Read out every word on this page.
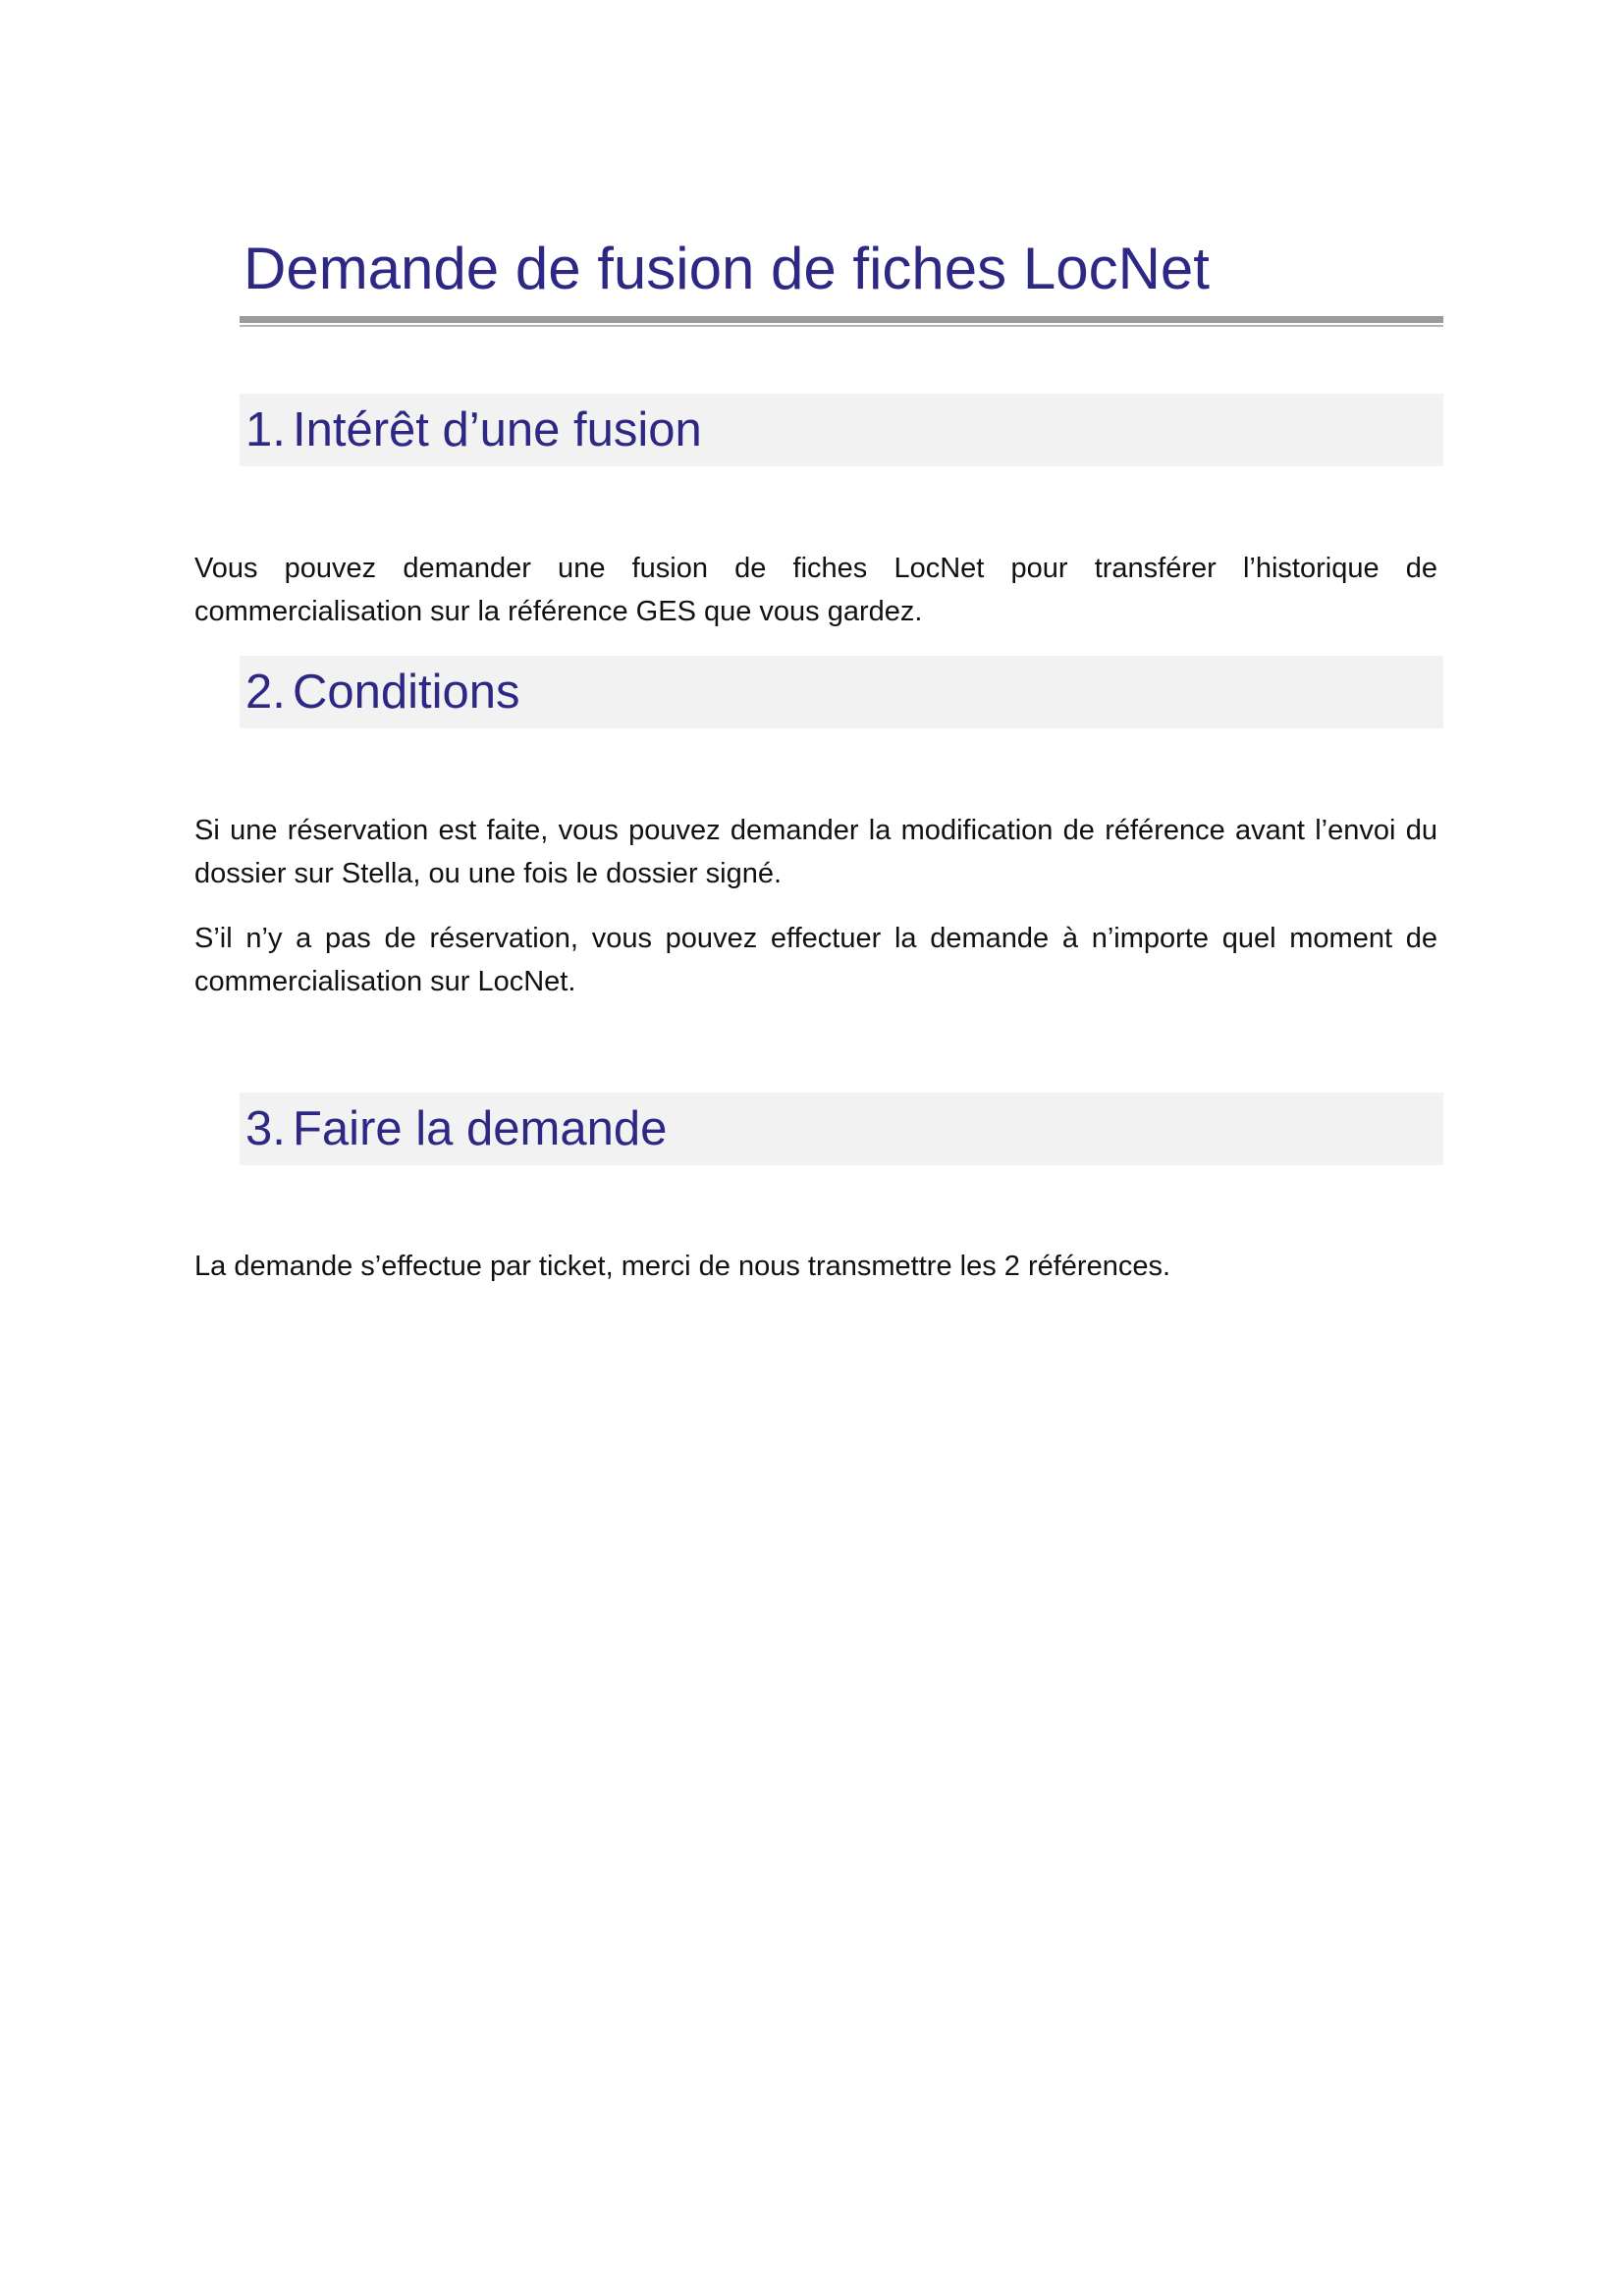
Demande de fusion de fiches LocNet
1. Intérêt d’une fusion

Vous pouvez demander une fusion de fiches LocNet pour transférer l’historique de commercialisation sur la référence GES que vous gardez.

2. Conditions

Si une réservation est faite, vous pouvez demander la modification de référence avant l’envoi du dossier sur Stella, ou une fois le dossier signé.

S’il n’y a pas de réservation, vous pouvez effectuer la demande à n’importe quel moment de commercialisation sur LocNet.

3. Faire la demande

La demande s’effectue par ticket, merci de nous transmettre les 2 références.
